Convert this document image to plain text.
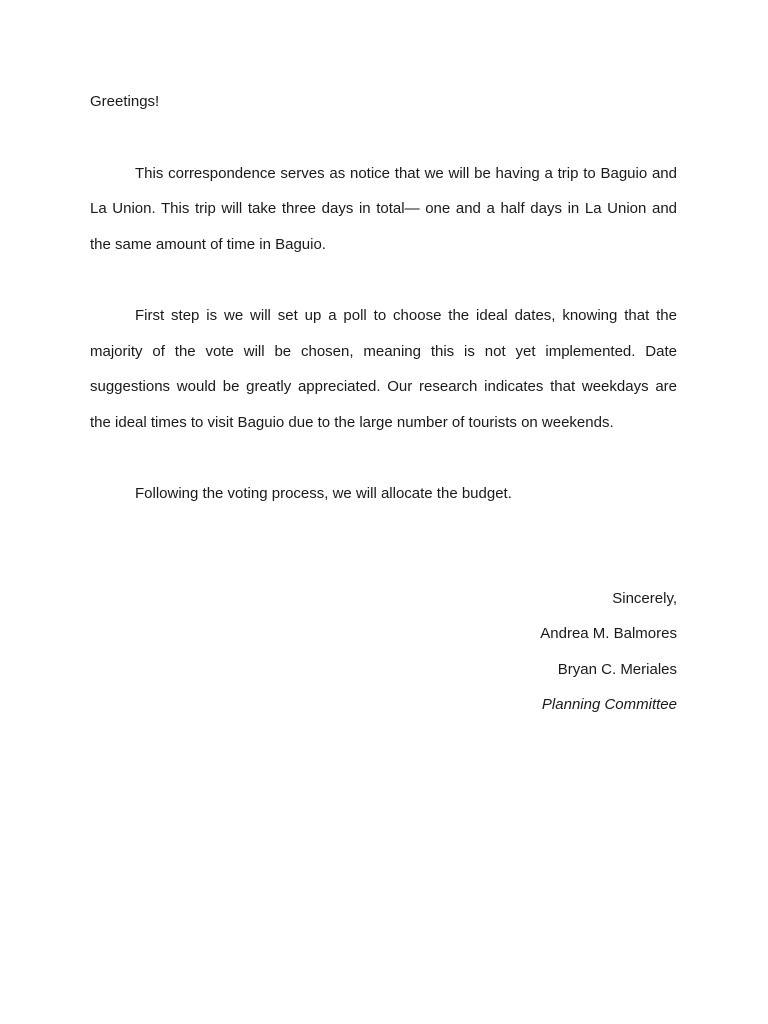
Greetings!

This correspondence serves as notice that we will be having a trip to Baguio and

La Union. This trip will take three days in total— one and a half days in La Union and

the same amount of time in Baguio.

First step is we will set up a poll to choose the ideal dates, knowing that the

majority of the vote will be chosen, meaning this is not yet implemented. Date

suggestions would be greatly appreciated. Our research indicates that weekdays are

the ideal times to visit Baguio due to the large number of tourists on weekends.

Following the voting process, we will allocate the budget.

Sincerely,

Andrea M. Balmores

Bryan C. Meriales

Planning Committee
